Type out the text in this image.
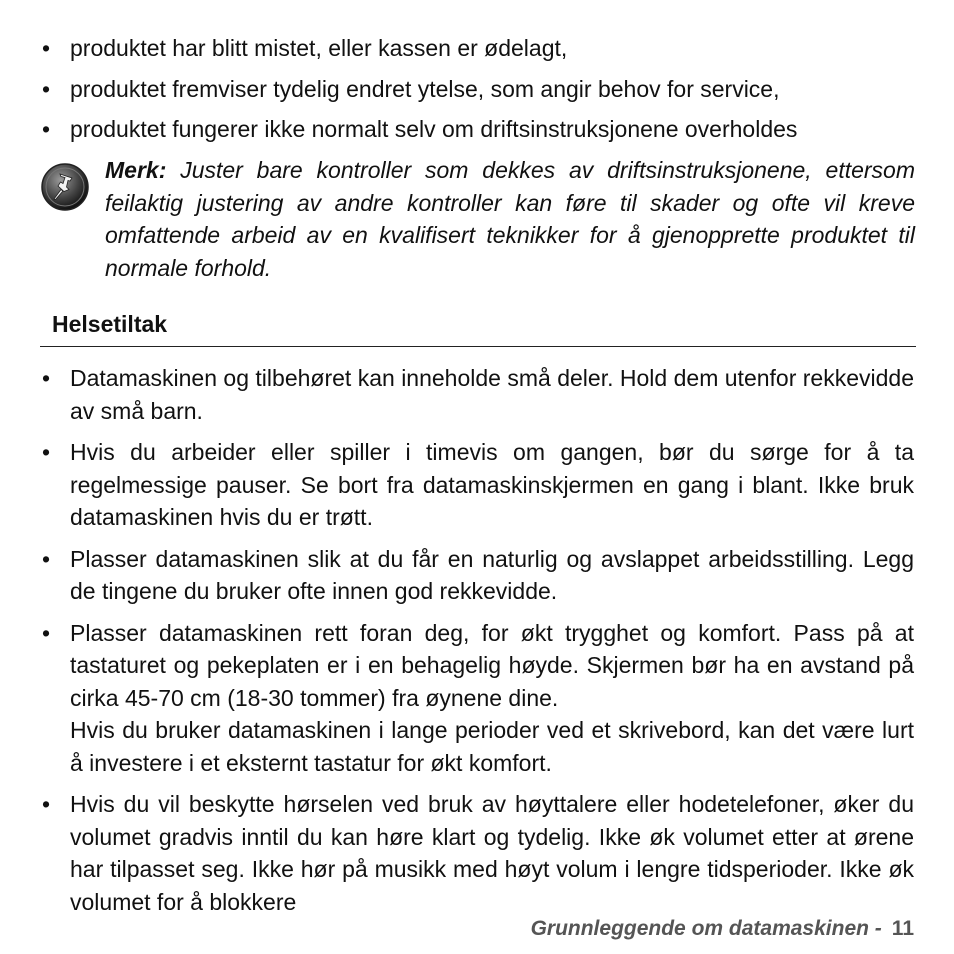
• produktet har blitt mistet, eller kassen er ødelagt,
• produktet fremviser tydelig endret ytelse, som angir behov for service,
• produktet fungerer ikke normalt selv om driftsinstruksjonene overholdes
Merk: Juster bare kontroller som dekkes av driftsinstruksjonene, ettersom feilaktig justering av andre kontroller kan føre til skader og ofte vil kreve omfattende arbeid av en kvalifisert teknikker for å gjenopprette produktet til normale forhold.
Helsetiltak
• Datamaskinen og tilbehøret kan inneholde små deler. Hold dem utenfor rekkevidde av små barn.
• Hvis du arbeider eller spiller i timevis om gangen, bør du sørge for å ta regelmessige pauser. Se bort fra datamaskinskjermen en gang i blant. Ikke bruk datamaskinen hvis du er trøtt.
• Plasser datamaskinen slik at du får en naturlig og avslappet arbeidsstilling. Legg de tingene du bruker ofte innen god rekkevidde.
• Plasser datamaskinen rett foran deg, for økt trygghet og komfort. Pass på at tastaturet og pekeplaten er i en behagelig høyde. Skjermen bør ha en avstand på cirka 45-70 cm (18-30 tommer) fra øynene dine.
Hvis du bruker datamaskinen i lange perioder ved et skrivebord, kan det være lurt å investere i et eksternt tastatur for økt komfort.
• Hvis du vil beskytte hørselen ved bruk av høyttalere eller hodetelefoner, øker du volumet gradvis inntil du kan høre klart og tydelig. Ikke øk volumet etter at ørene har tilpasset seg. Ikke hør på musikk med høyt volum i lengre tidsperioder. Ikke øk volumet for å blokkere
Grunnleggende om datamaskinen - 11
